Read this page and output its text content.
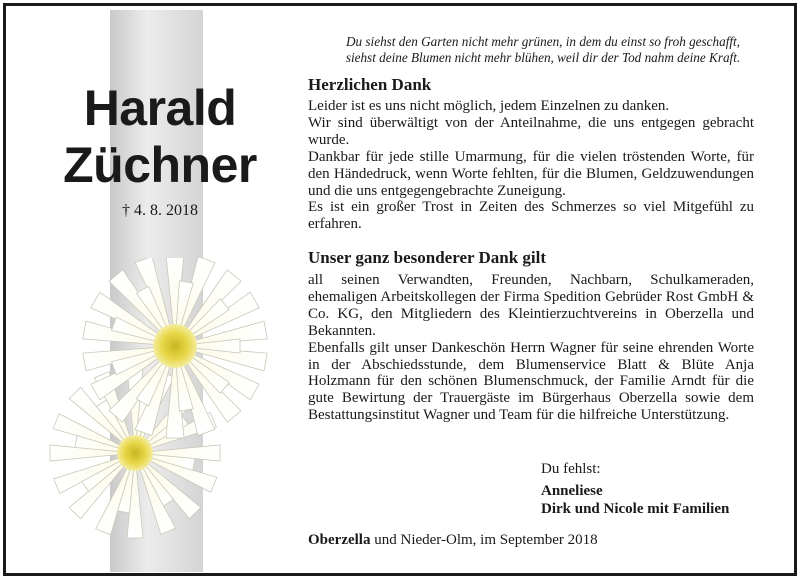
Harald
Züchner
† 4. 8. 2018
Du siehst den Garten nicht mehr grünen, in dem du einst so froh geschafft,
siehst deine Blumen nicht mehr blühen, weil dir der Tod nahm deine Kraft.
Herzlichen Dank
Leider ist es uns nicht möglich, jedem Einzelnen zu danken.
Wir sind überwältigt von der Anteilnahme, die uns entgegen gebracht wurde.
Dankbar für jede stille Umarmung, für die vielen tröstenden Worte, für den Händedruck, wenn Worte fehlten, für die Blumen, Geldzuwendungen und die uns entgegengebrachte Zuneigung.
Es ist ein großer Trost in Zeiten des Schmerzes so viel Mitgefühl zu erfahren.
Unser ganz besonderer Dank gilt
all seinen Verwandten, Freunden, Nachbarn, Schulkameraden, ehemaligen Arbeitskollegen der Firma Spedition Gebrüder Rost GmbH & Co. KG, den Mitgliedern des Kleintierzuchtvereins in Oberzella und Bekannten.
Ebenfalls gilt unser Dankeschön Herrn Wagner für seine ehrenden Worte in der Abschiedsstunde, dem Blumenservice Blatt & Blüte Anja Holzmann für den schönen Blumenschmuck, der Familie Arndt für die gute Bewirtung der Trauergäste im Bürgerhaus Oberzella sowie dem Bestattungsinstitut Wagner und Team für die hilfreiche Unterstützung.
Du fehlst:
Anneliese
Dirk und Nicole mit Familien
Oberzella und Nieder-Olm, im September 2018
